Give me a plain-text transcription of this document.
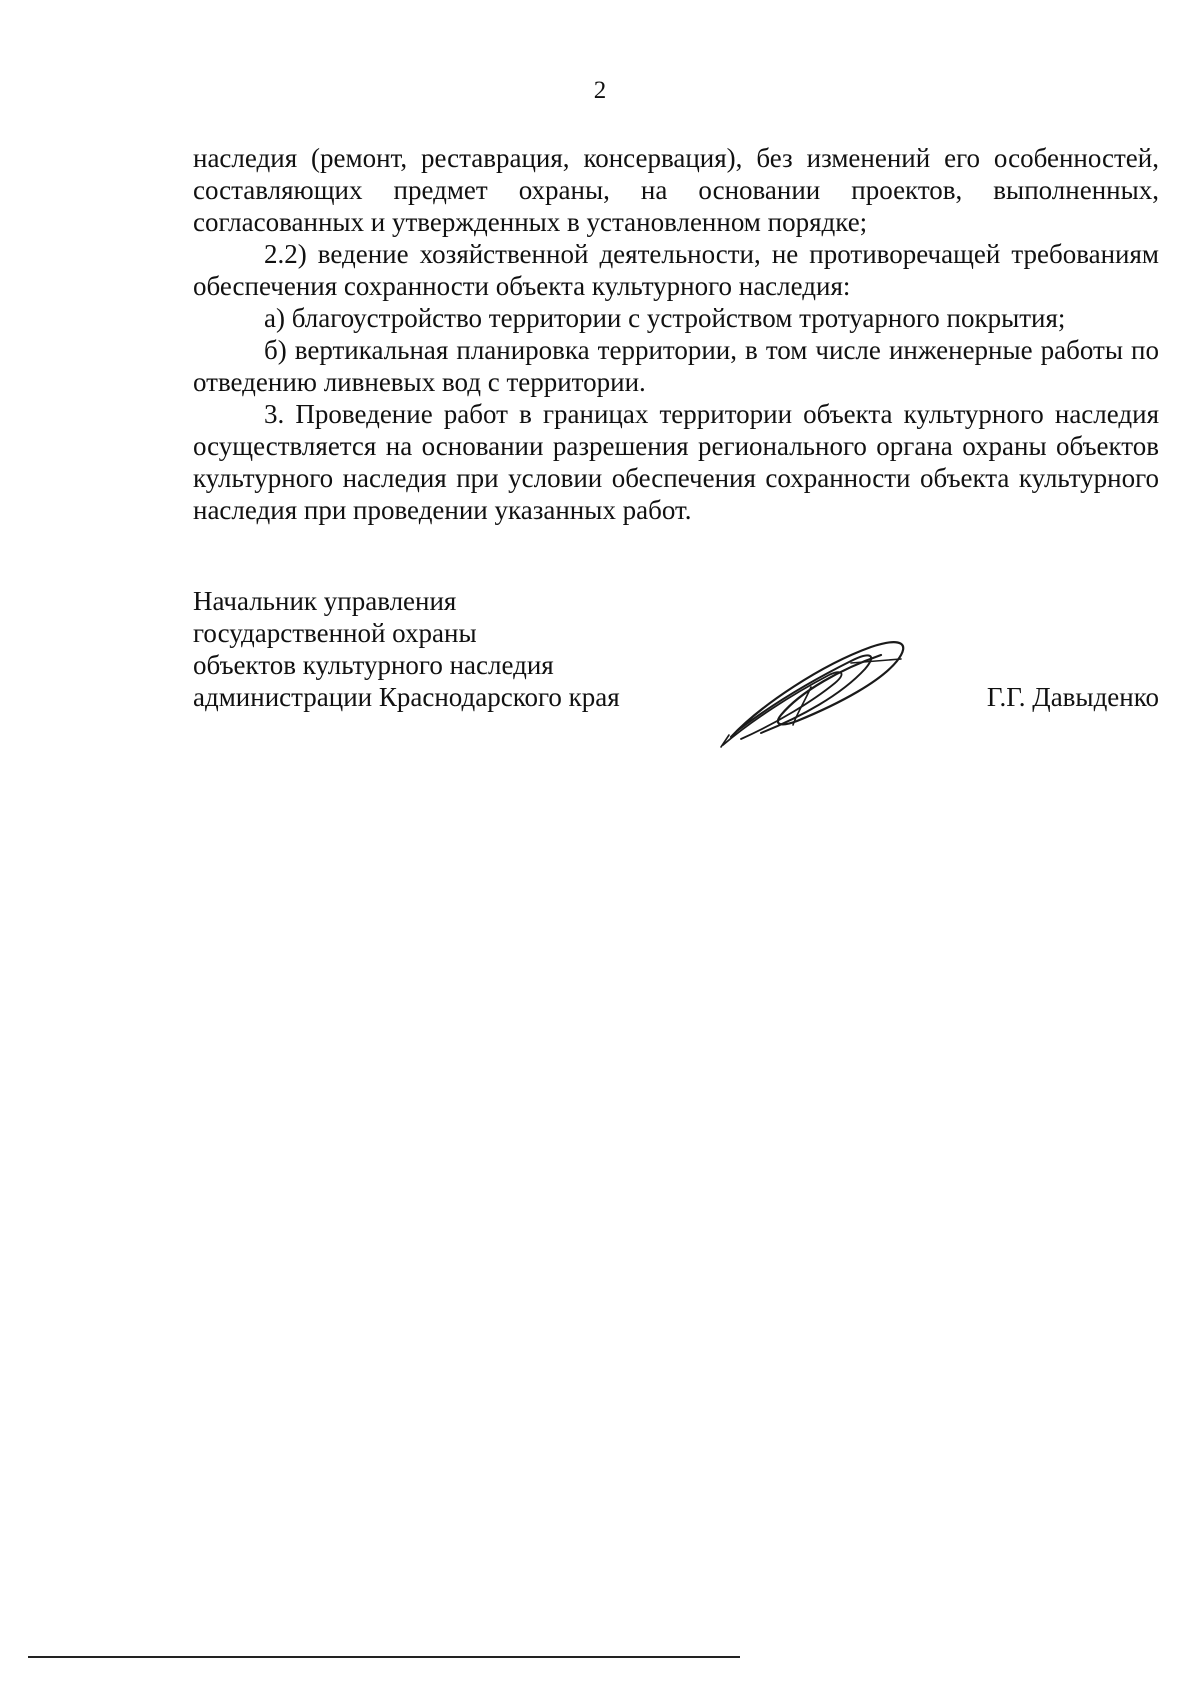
2

наследия (ремонт, реставрация, консервация), без изменений его особенностей, составляющих предмет охраны, на основании проектов, выполненных, согласованных и утвержденных в установленном порядке;

2.2) ведение хозяйственной деятельности, не противоречащей требованиям обеспечения сохранности объекта культурного наследия:

а) благоустройство территории с устройством тротуарного покрытия;

б) вертикальная планировка территории, в том числе инженерные работы по отведению ливневых вод с территории.

3. Проведение работ в границах территории объекта культурного наследия осуществляется на основании разрешения регионального органа охраны объектов культурного наследия при условии обеспечения сохранности объекта культурного наследия при проведении указанных работ.

Начальник управления
государственной охраны
объектов культурного наследия
администрации Краснодарского края	Г.Г. Давыденко
